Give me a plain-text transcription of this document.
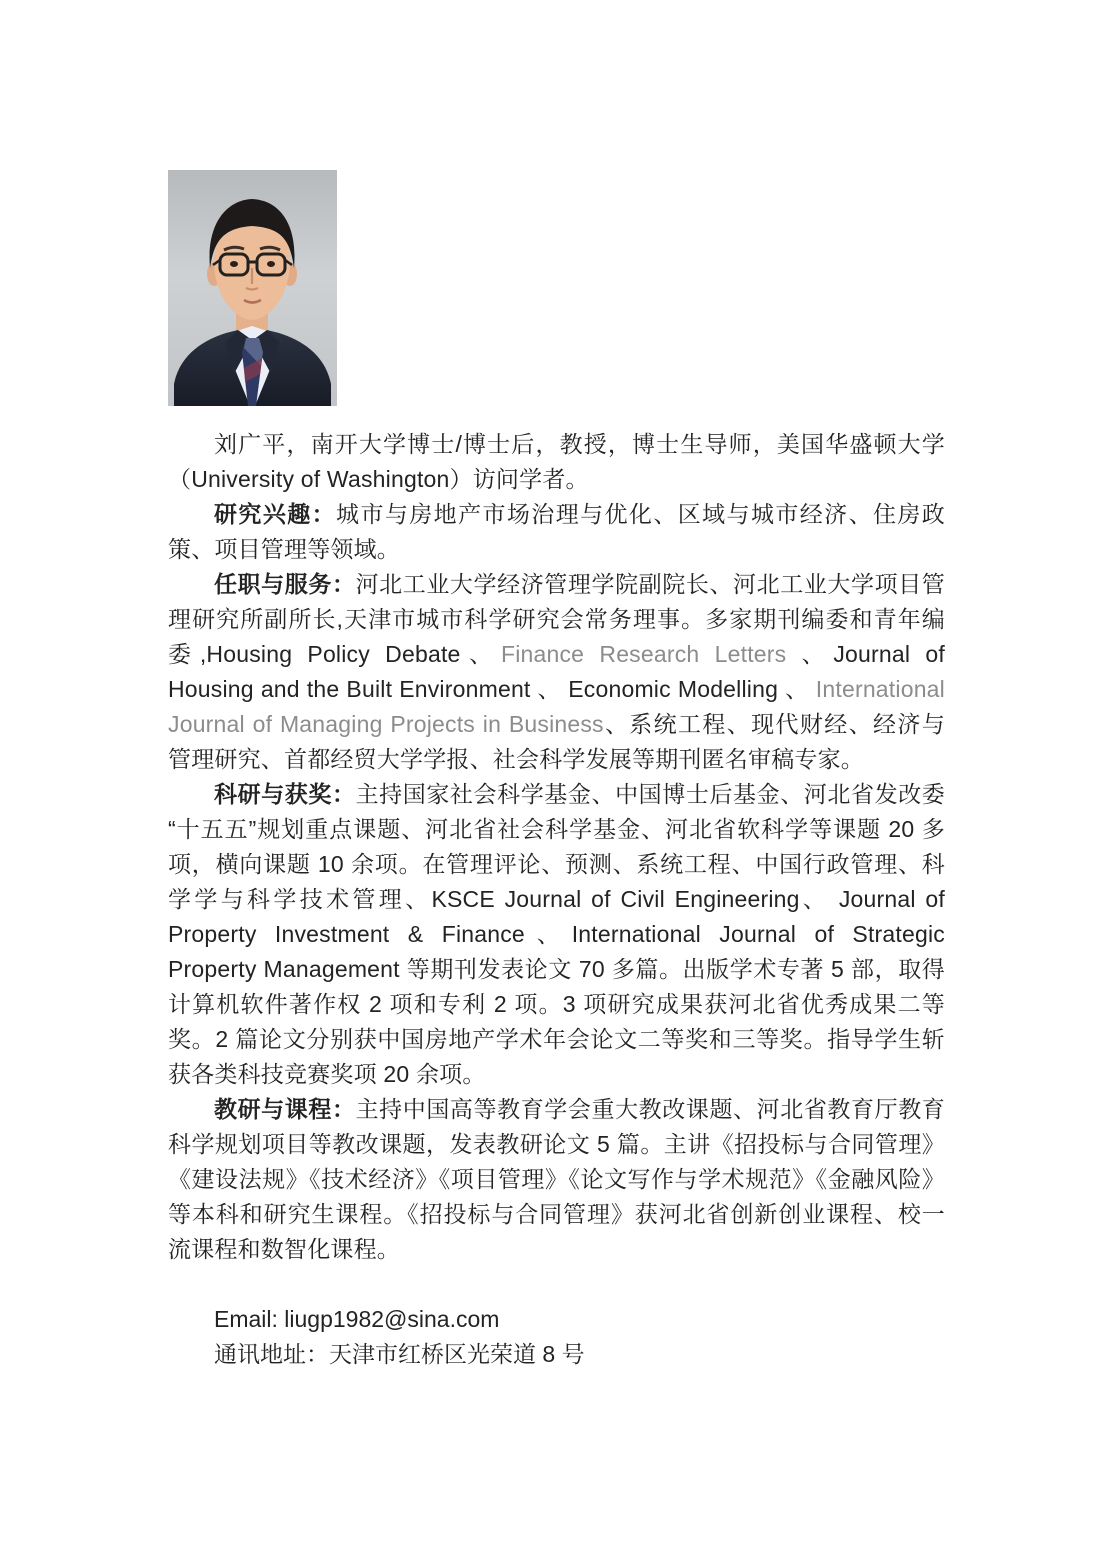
刘广平，南开大学博士/博士后，教授，博士生导师，美国华盛顿大学（University of Washington）访问学者。

研究兴趣：城市与房地产市场治理与优化、区域与城市经济、住房政策、项目管理等领域。

任职与服务：河北工业大学经济管理学院副院长、河北工业大学项目管理研究所副所长,天津市城市科学研究会常务理事。多家期刊编委和青年编委,Housing Policy Debate、Finance Research Letters 、Journal of Housing and the Built Environment 、 Economic Modelling 、 International Journal of Managing Projects in Business、系统工程、现代财经、经济与管理研究、首都经贸大学学报、社会科学发展等期刊匿名审稿专家。

科研与获奖：主持国家社会科学基金、中国博士后基金、河北省发改委“十五五”规划重点课题、河北省社会科学基金、河北省软科学等课题 20 多项，横向课题 10 余项。在管理评论、预测、系统工程、中国行政管理、科学学与科学技术管理、KSCE Journal of Civil Engineering、 Journal of Property Investment & Finance、International Journal of Strategic Property Management 等期刊发表论文 70 多篇。出版学术专著 5 部，取得计算机软件著作权 2 项和专利 2 项。3 项研究成果获河北省优秀成果二等奖。2 篇论文分别获中国房地产学术年会论文二等奖和三等奖。指导学生斩获各类科技竞赛奖项 20 余项。

教研与课程：主持中国高等教育学会重大教改课题、河北省教育厅教育科学规划项目等教改课题，发表教研论文 5 篇。主讲《招投标与合同管理》《建设法规》《技术经济》《项目管理》《论文写作与学术规范》《金融风险》等本科和研究生课程。《招投标与合同管理》获河北省创新创业课程、校一流课程和数智化课程。

Email: liugp1982@sina.com

通讯地址：天津市红桥区光荣道 8 号
